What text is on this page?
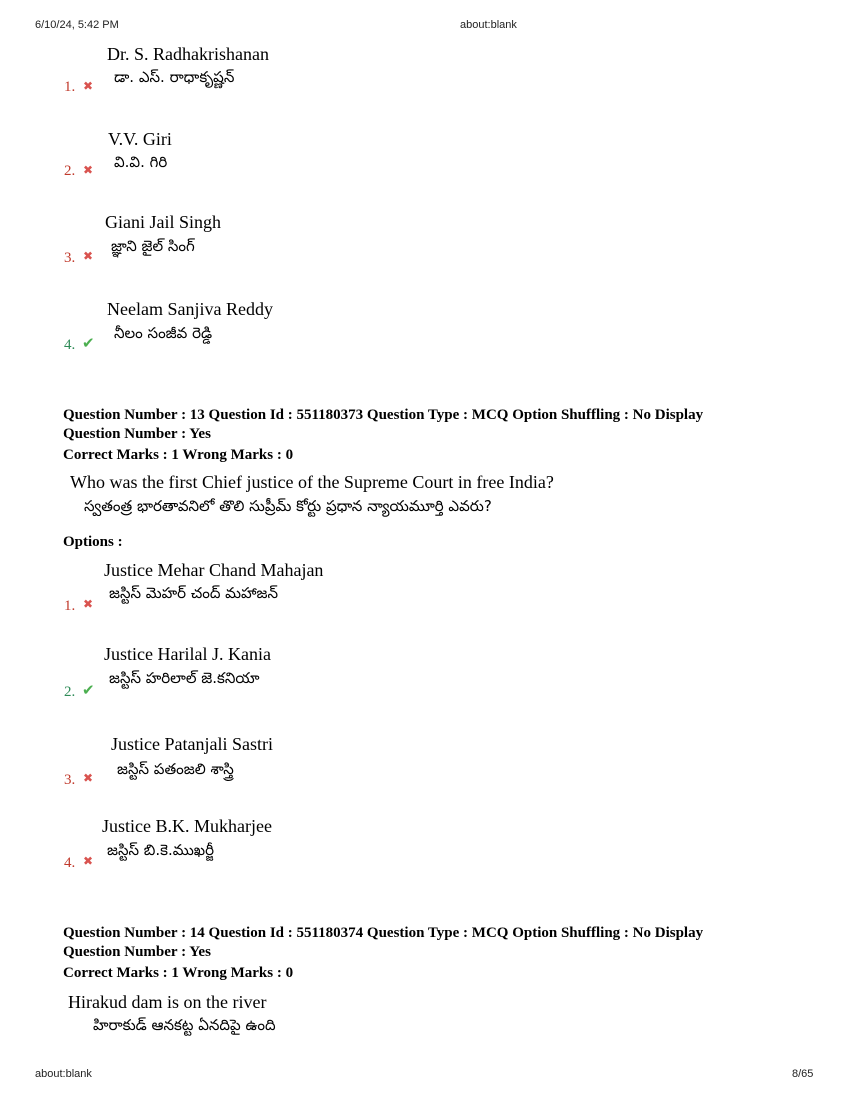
6/10/24, 5:42 PM	about:blank
Dr. S. Radhakrishanan
డా. ఎస్. రాధాకృష్ణన్
1. ✖
V.V. Giri
వి.వి. గిరి
2. ✖
Giani Jail Singh
జ్ఞాని జైల్ సింగ్
3. ✖
Neelam Sanjiva Reddy
నీలం సంజీవ రెడ్డి
4. ✔
Question Number : 13 Question Id : 551180373 Question Type : MCQ Option Shuffling : No Display
Question Number : Yes
Correct Marks : 1 Wrong Marks : 0
Who was the first Chief justice of the Supreme Court in free India?
స్వతంత్ర భారతావనిలో తొలి సుప్రీమ్ కోర్టు ప్రధాన న్యాయమూర్తి ఎవరు?
Options :
Justice Mehar Chand Mahajan
జస్టిస్ మెహర్ చంద్ మహాజన్
1. ✖
Justice Harilal J. Kania
జస్టిస్ హరిలాల్ జె.కనియా
2. ✔
Justice Patanjali Sastri
జస్టిస్ పతంజలి శాస్త్రి
3. ✖
Justice B.K. Mukharjee
జస్టిస్ బి.కె.ముఖర్జీ
4. ✖
Question Number : 14 Question Id : 551180374 Question Type : MCQ Option Shuffling : No Display
Question Number : Yes
Correct Marks : 1 Wrong Marks : 0
Hirakud dam is on the river
హిరాకుడ్ ఆనకట్ట ఏనదిపై ఉంది
about:blank	8/65
